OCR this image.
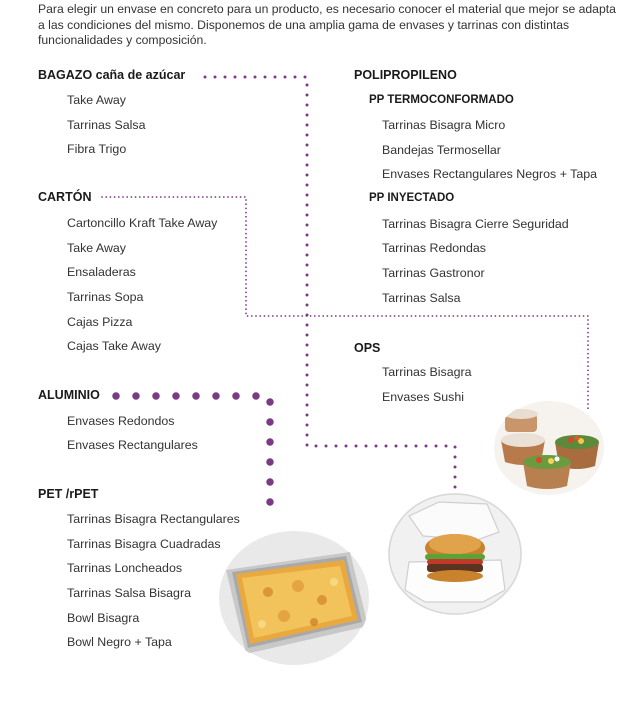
Para elegir un envase en concreto para un producto, es necesario conocer el material que mejor se adapta a las condiciones del mismo. Disponemos de una amplia gama de envases y tarrinas con distintas funcionalidades y composición.
BAGAZO caña de azúcar
Take Away
Tarrinas Salsa
Fibra Trigo
CARTÓN
Cartoncillo Kraft Take Away
Take Away
Ensaladeras
Tarrinas Sopa
Cajas Pizza
Cajas Take Away
ALUMINIO
Envases Redondos
Envases Rectangulares
PET /rPET
Tarrinas Bisagra Rectangulares
Tarrinas Bisagra Cuadradas
Tarrinas Loncheados
Tarrinas Salsa Bisagra
Bowl Bisagra
Bowl Negro + Tapa
POLIPROPILENO
PP TERMOCONFORMADO
Tarrinas Bisagra Micro
Bandejas Termosellar
Envases Rectangulares Negros + Tapa
PP INYECTADO
Tarrinas Bisagra Cierre Seguridad
Tarrinas Redondas
Tarrinas Gastronor
Tarrinas Salsa
OPS
Tarrinas Bisagra
Envases Sushi
